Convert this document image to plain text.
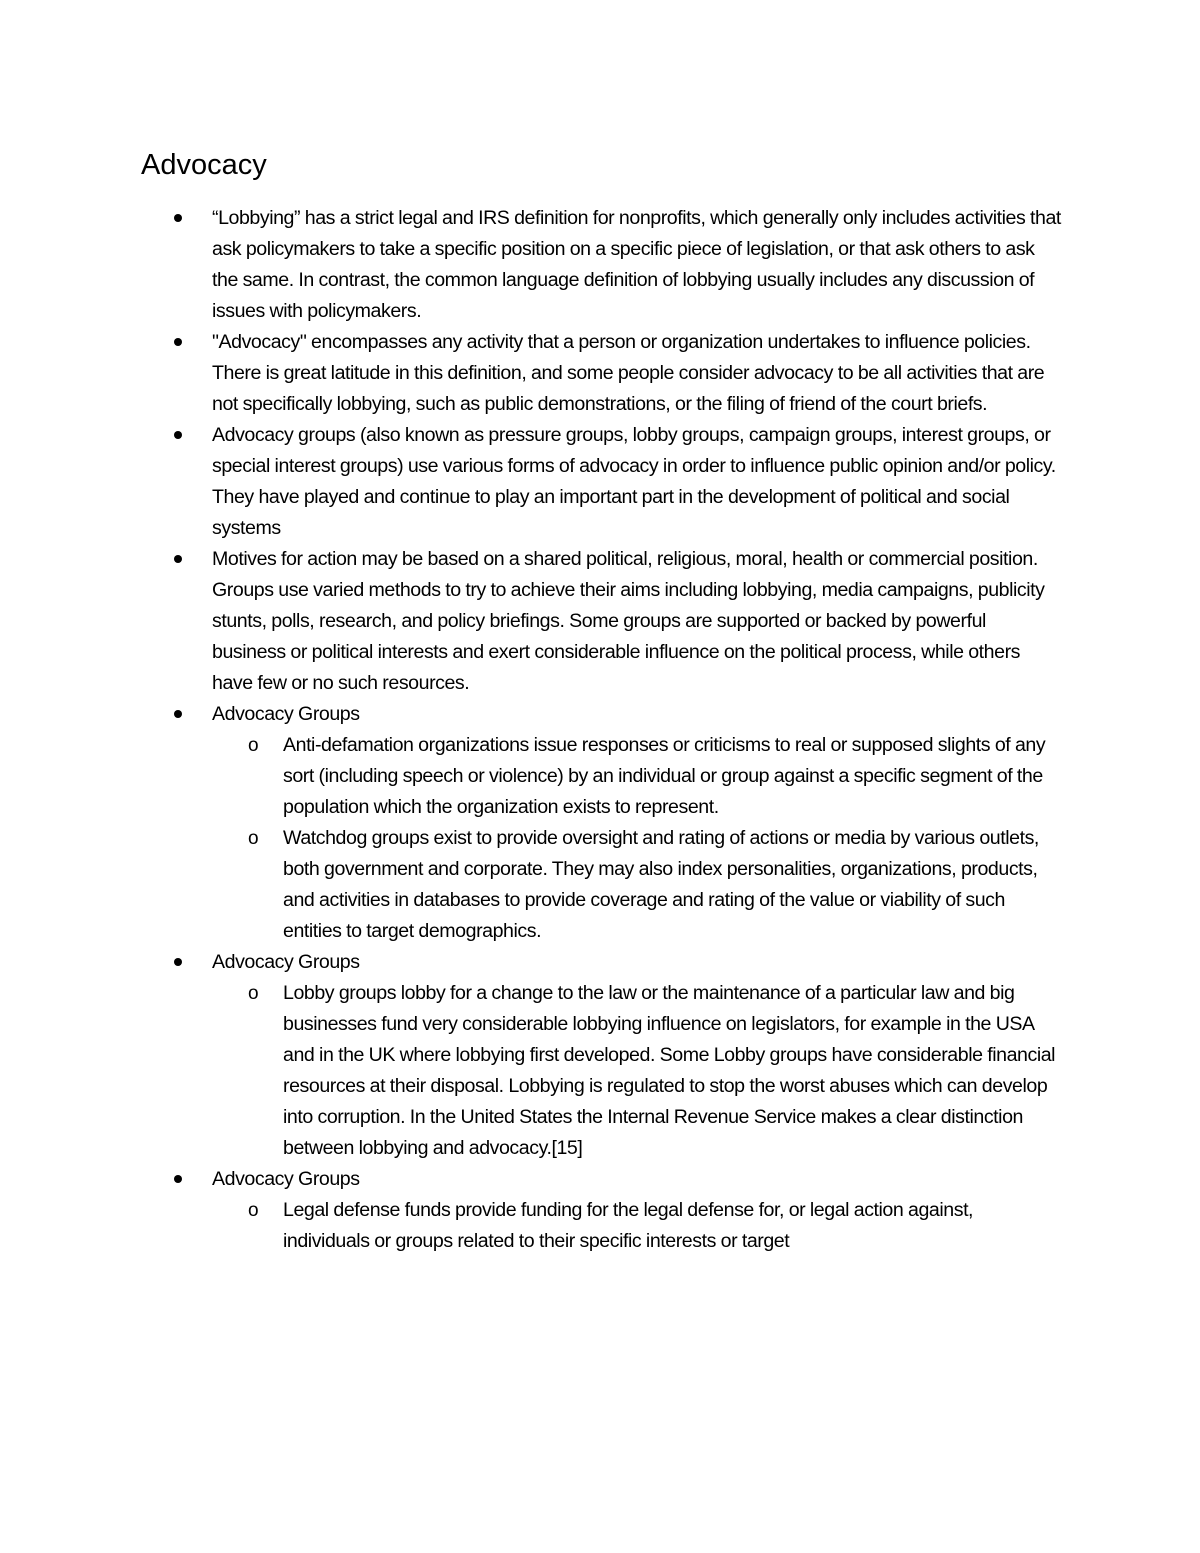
Advocacy
“Lobbying” has a strict legal and IRS definition for nonprofits, which generally only includes activities that ask policymakers to take a specific position on a specific piece of legislation, or that ask others to ask the same. In contrast, the common language definition of lobbying usually includes any discussion of issues with policymakers.
"Advocacy" encompasses any activity that a person or organization undertakes to influence policies. There is great latitude in this definition, and some people consider advocacy to be all activities that are not specifically lobbying, such as public demonstrations, or the filing of friend of the court briefs.
Advocacy groups (also known as pressure groups, lobby groups, campaign groups, interest groups, or special interest groups) use various forms of advocacy in order to influence public opinion and/or policy. They have played and continue to play an important part in the development of political and social systems
Motives for action may be based on a shared political, religious, moral, health or commercial position. Groups use varied methods to try to achieve their aims including lobbying, media campaigns, publicity stunts, polls, research, and policy briefings. Some groups are supported or backed by powerful business or political interests and exert considerable influence on the political process, while others have few or no such resources.
Advocacy Groups
o Anti-defamation organizations issue responses or criticisms to real or supposed slights of any sort (including speech or violence) by an individual or group against a specific segment of the population which the organization exists to represent.
o Watchdog groups exist to provide oversight and rating of actions or media by various outlets, both government and corporate. They may also index personalities, organizations, products, and activities in databases to provide coverage and rating of the value or viability of such entities to target demographics.
Advocacy Groups
o Lobby groups lobby for a change to the law or the maintenance of a particular law and big businesses fund very considerable lobbying influence on legislators, for example in the USA and in the UK where lobbying first developed. Some Lobby groups have considerable financial resources at their disposal. Lobbying is regulated to stop the worst abuses which can develop into corruption. In the United States the Internal Revenue Service makes a clear distinction between lobbying and advocacy.[15]
Advocacy Groups
o Legal defense funds provide funding for the legal defense for, or legal action against, individuals or groups related to their specific interests or target
